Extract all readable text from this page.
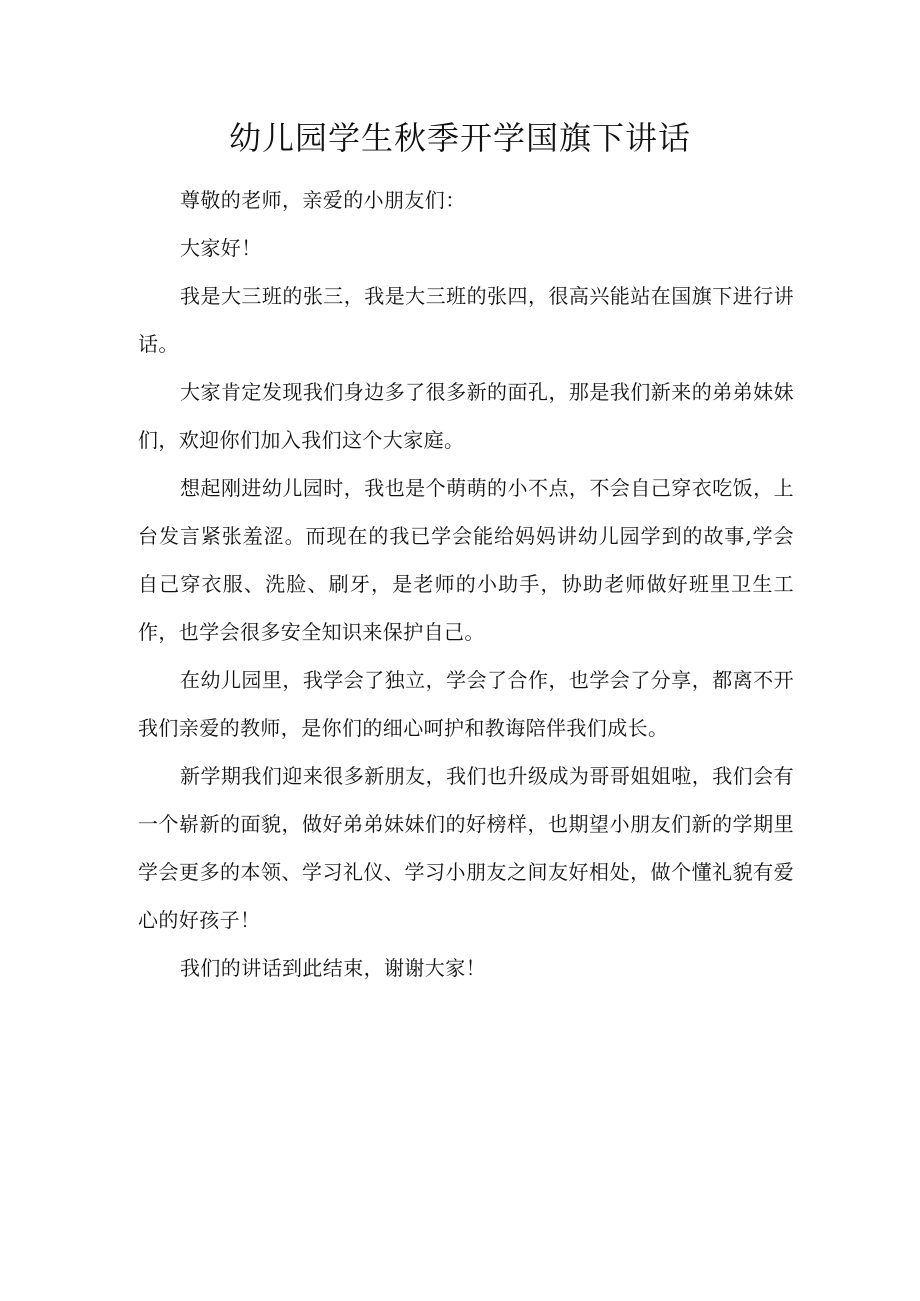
幼儿园学生秋季开学国旗下讲话

尊敬的老师，亲爱的小朋友们：

大家好！

我是大三班的张三，我是大三班的张四，很高兴能站在国旗下进行讲话。

大家肯定发现我们身边多了很多新的面孔，那是我们新来的弟弟妹妹们，欢迎你们加入我们这个大家庭。

想起刚进幼儿园时，我也是个萌萌的小不点，不会自己穿衣吃饭，上台发言紧张羞涩。而现在的我已学会能给妈妈讲幼儿园学到的故事,学会自己穿衣服、洗脸、刷牙，是老师的小助手，协助老师做好班里卫生工作，也学会很多安全知识来保护自己。

在幼儿园里，我学会了独立，学会了合作，也学会了分享，都离不开我们亲爱的教师，是你们的细心呵护和教诲陪伴我们成长。

新学期我们迎来很多新朋友，我们也升级成为哥哥姐姐啦，我们会有一个崭新的面貌，做好弟弟妹妹们的好榜样，也期望小朋友们新的学期里学会更多的本领、学习礼仪、学习小朋友之间友好相处，做个懂礼貌有爱心的好孩子！

我们的讲话到此结束，谢谢大家！
